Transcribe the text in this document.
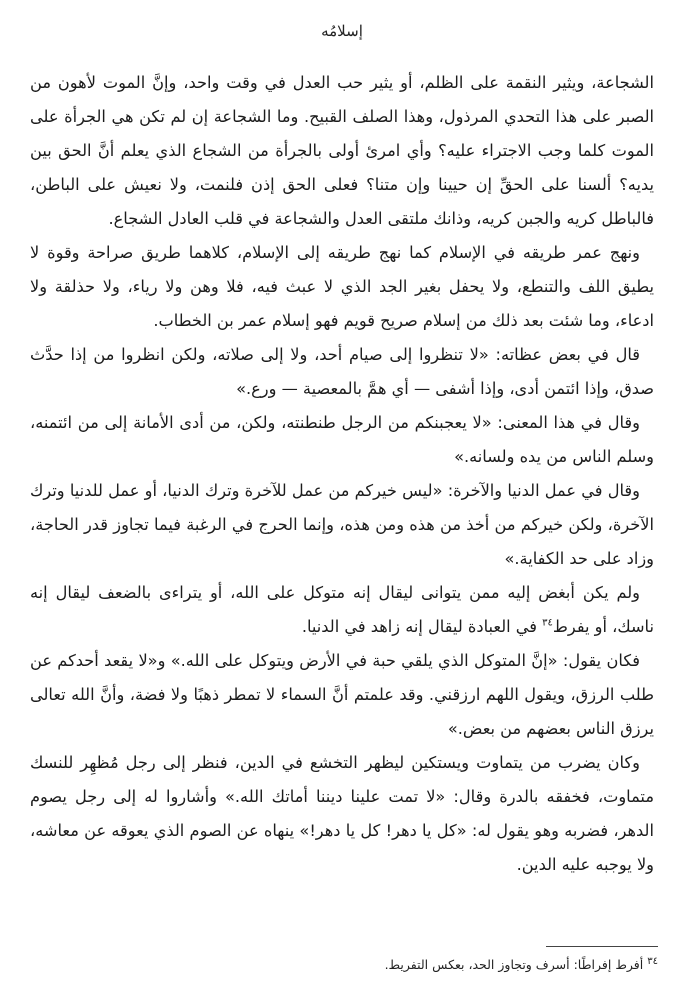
إسلامُه

الشجاعة، ويثير النقمة على الظلم، أو يثير حب العدل في وقت واحد، وإنَّ الموت لأهون من الصبر على هذا التحدي المرذول، وهذا الصلف القبيح. وما الشجاعة إن لم تكن هي الجرأة على الموت كلما وجب الاجتراء عليه؟ وأي امرئ أولى بالجرأة من الشجاع الذي يعلم أنَّ الحق بين يديه؟ ألسنا على الحقِّ إن حيينا وإن متنا؟ فعلى الحق إذن فلنمت، ولا نعيش على الباطن، فالباطل كريه والجبن كريه، وذانك ملتقى العدل والشجاعة في قلب العادل الشجاع.

ونهج عمر طريقه في الإسلام كما نهج طريقه إلى الإسلام، كلاهما طريق صراحة وقوة لا يطيق اللف والتنطع، ولا يحفل بغير الجد الذي لا عبث فيه، فلا وهن ولا رياء، ولا حذلقة ولا ادعاء، وما شئت بعد ذلك من إسلام صريح قويم فهو إسلام عمر بن الخطاب.

قال في بعض عظاته: «لا تنظروا إلى صيام أحد، ولا إلى صلاته، ولكن انظروا من إذا حدَّث صدق، وإذا ائتمن أدى، وإذا أشفى — أي همَّ بالمعصية — ورع.»

وقال في هذا المعنى: «لا يعجبنكم من الرجل طنطنته، ولكن، من أدى الأمانة إلى من ائتمنه، وسلم الناس من يده ولسانه.»

وقال في عمل الدنيا والآخرة: «ليس خيركم من عمل للآخرة وترك الدنيا، أو عمل للدنيا وترك الآخرة، ولكن خيركم من أخذ من هذه ومن هذه، وإنما الحرج في الرغبة فيما تجاوز قدر الحاجة، وزاد على حد الكفاية.»

ولم يكن أبغض إليه ممن يتوانى ليقال إنه متوكل على الله، أو يتراءى بالضعف ليقال إنه ناسك، أو يفرط$^{٣٤}$ في العبادة ليقال إنه زاهد في الدنيا.

فكان يقول: «إنَّ المتوكل الذي يلقي حبة في الأرض ويتوكل على الله.» و«لا يقعد أحدكم عن طلب الرزق، ويقول اللهم ارزقني. وقد علمتم أنَّ السماء لا تمطر ذهبًا ولا فضة، وأنَّ الله تعالى يرزق الناس بعضهم من بعض.»

وكان يضرب من يتماوت ويستكين ليظهر التخشع في الدين، فنظر إلى رجل مُظهِر للنسك متماوت، فخفقه بالدرة وقال: «لا تمت علينا ديننا أماتك الله.» وأشاروا له إلى رجل يصوم الدهر، فضربه وهو يقول له: «كل يا دهر! كل يا دهر!» ينهاه عن الصوم الذي يعوقه عن معاشه، ولا يوجبه عليه الدين.

$^{٣٤}$أفرط إفراطًا: أسرف وتجاوز الحد، بعكس التفريط.
